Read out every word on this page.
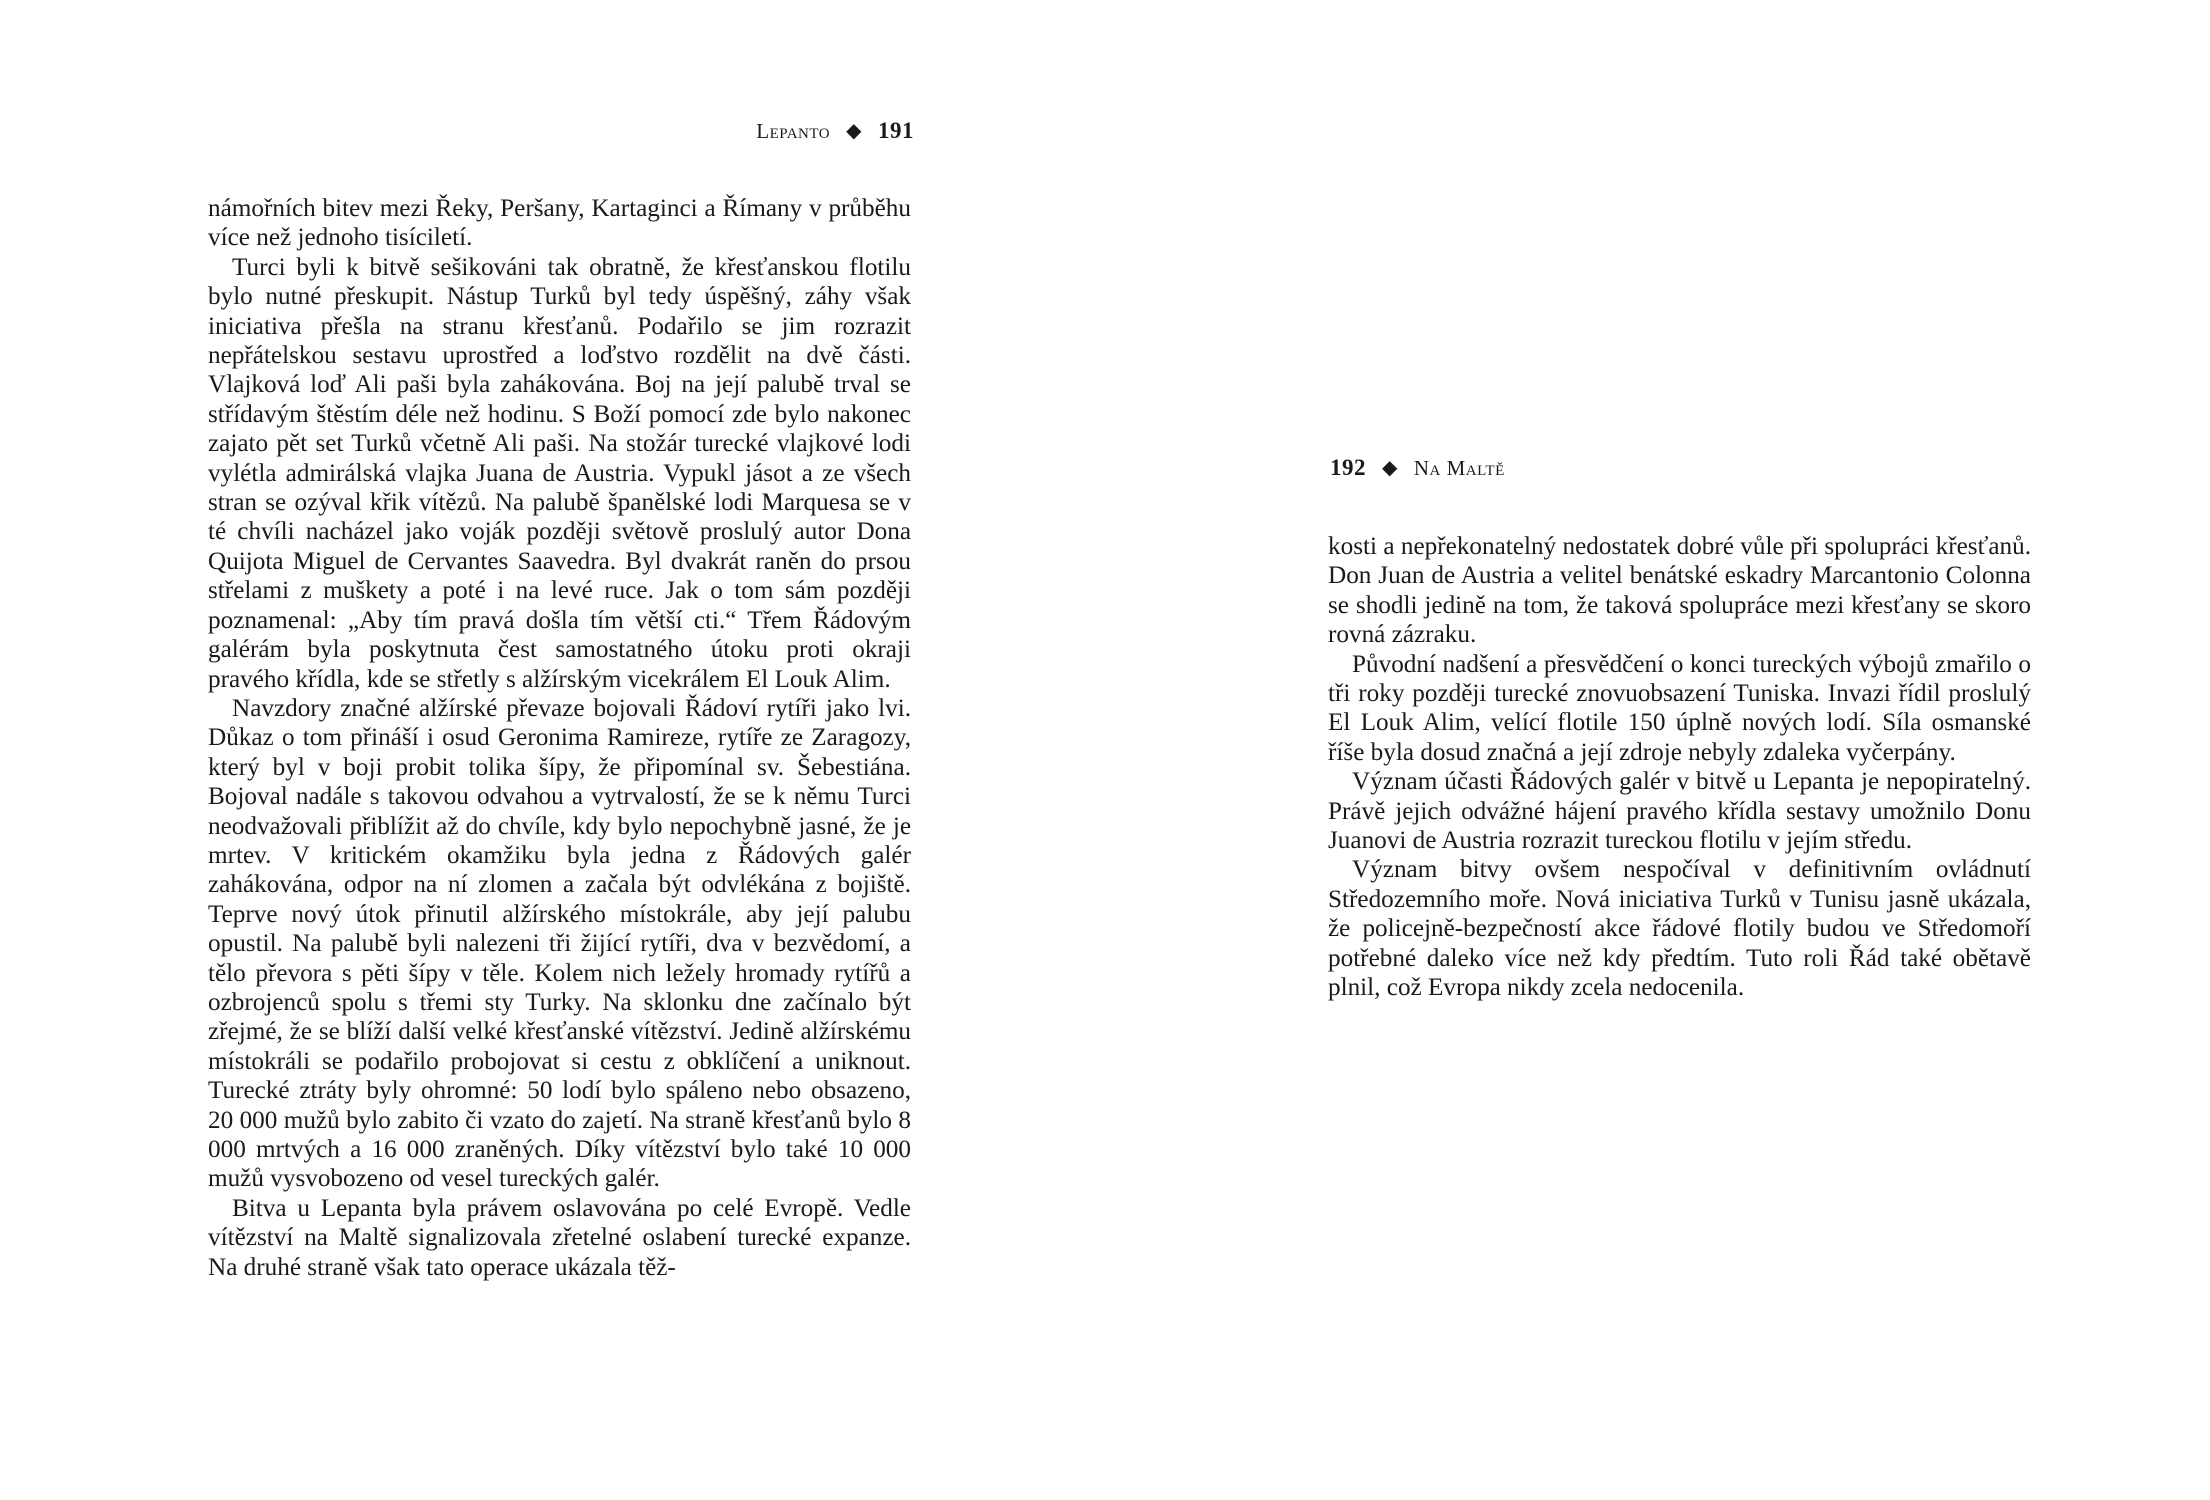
Lepanto ◆ 191

námořních bitev mezi Řeky, Peršany, Kartaginci a Římany v průběhu více než jednoho tisíciletí.

Turci byli k bitvě sešikováni tak obratně, že křesťanskou flotilu bylo nutné přeskupit. Nástup Turků byl tedy úspěšný, záhy však iniciativa přešla na stranu křesťanů. Podařilo se jim rozrazit nepřátelskou sestavu uprostřed a loďstvo rozdělit na dvě části. Vlajková loď Ali paši byla zahákována. Boj na její palubě trval se střídavým štěstím déle než hodinu. S Boží pomocí zde bylo nakonec zajato pět set Turků včetně Ali paši. Na stožár turecké vlajkové lodi vylétla admirálská vlajka Juana de Austria. Vypukl jásot a ze všech stran se ozýval křik vítězů. Na palubě španělské lodi Marquesa se v té chvíli nacházel jako voják později světově proslulý autor Dona Quijota Miguel de Cervantes Saavedra. Byl dvakrát raněn do prsou střelami z muškety a poté i na levé ruce. Jak o tom sám později poznamenal: „Aby tím pravá došla tím větší cti.“ Třem Řádovým galérám byla poskytnuta čest samostatného útoku proti okraji pravého křídla, kde se střetly s alžírským vicekrálem El Louk Alim.

Navzdory značné alžírské převaze bojovali Řádoví rytíři jako lvi. Důkaz o tom přináší i osud Geronima Ramireze, rytíře ze Zaragozy, který byl v boji probit tolika šípy, že připomínal sv. Šebestiána. Bojoval nadále s takovou odvahou a vytrvalostí, že se k němu Turci neodvažovali přiblížit až do chvíle, kdy bylo nepochybně jasné, že je mrtev. V kritickém okamžiku byla jedna z Řádových galér zahákována, odpor na ní zlomen a začala být odvlékána z bojiště. Teprve nový útok přinutil alžírského místokrále, aby její palubu opustil. Na palubě byli nalezeni tři žijící rytíři, dva v bezvědomí, a tělo převora s pěti šípy v těle. Kolem nich ležely hromady rytířů a ozbrojenců spolu s třemi sty Turky. Na sklonku dne začínalo být zřejmé, že se blíží další velké křesťanské vítězství. Jedině alžírskému místokráli se podařilo probojovat si cestu z obklíčení a uniknout. Turecké ztráty byly ohromné: 50 lodí bylo spáleno nebo obsazeno, 20 000 mužů bylo zabito či vzato do zajetí. Na straně křesťanů bylo 8 000 mrtvých a 16 000 zraněných. Díky vítězství bylo také 10 000 mužů vysvobozeno od vesel tureckých galér.

Bitva u Lepanta byla právem oslavována po celé Evropě. Vedle vítězství na Maltě signalizovala zřetelné oslabení turecké expanze. Na druhé straně však tato operace ukázala těž-

192 ◆ Na Maltě

kosti a nepřekonatelný nedostatek dobré vůle při spolupráci křesťanů. Don Juan de Austria a velitel benátské eskadry Marcantonio Colonna se shodli jedině na tom, že taková spolupráce mezi křesťany se skoro rovná zázraku.

Původní nadšení a přesvědčení o konci tureckých výbojů zmařilo o tři roky později turecké znovuobsazení Tuniska. Invazi řídil proslulý El Louk Alim, velící flotile 150 úplně nových lodí. Síla osmanské říše byla dosud značná a její zdroje nebyly zdaleka vyčerpány.

Význam účasti Řádových galér v bitvě u Lepanta je nepopiratelný. Právě jejich odvážné hájení pravého křídla sestavy umožnilo Donu Juanovi de Austria rozrazit tureckou flotilu v jejím středu.

Význam bitvy ovšem nespočíval v definitivním ovládnutí Středozemního moře. Nová iniciativa Turků v Tunisu jasně ukázala, že policejně-bezpečností akce řádové flotily budou ve Středomoří potřebné daleko více než kdy předtím. Tuto roli Řád také obětavě plnil, což Evropa nikdy zcela nedocenila.
